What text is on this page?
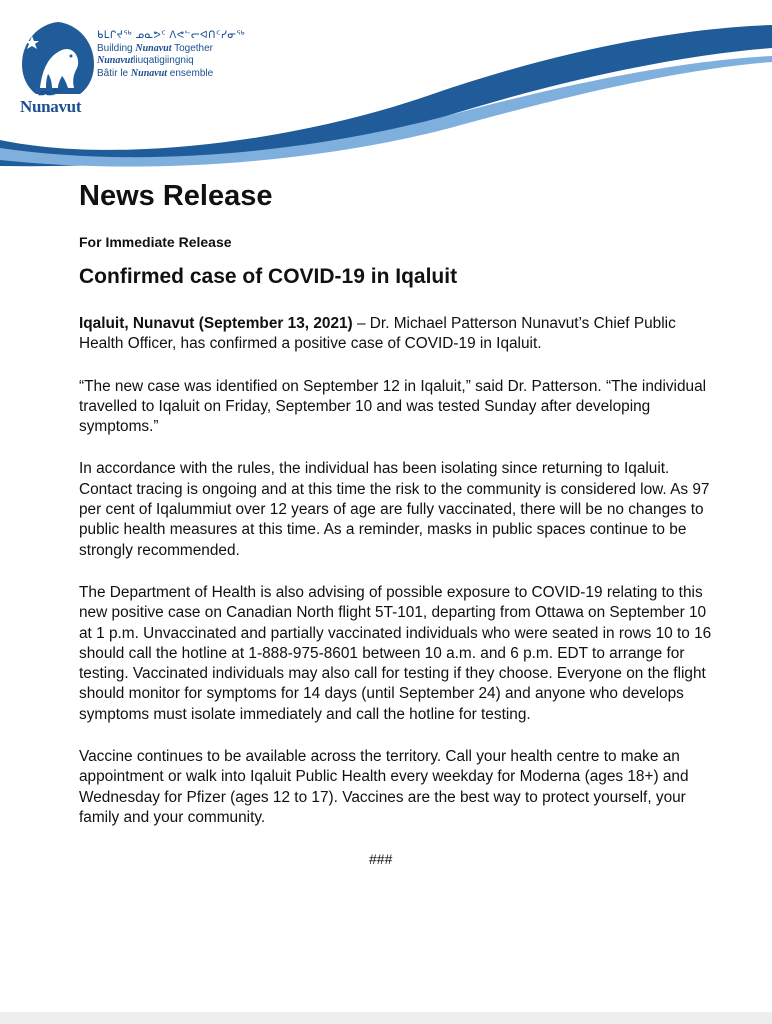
ᑲᒪᒋᔪᖅ ᓄᓇᕗᑦ ᐱᕙᓪᓕᐊᑎᑦᓯᓂᖅ
Building Nunavut Together
Nunavutliuqatigiingniq
Bâtir le Nunavut ensemble
ᓄᓇᕗᑦ
Nunavut
News Release
For Immediate Release
Confirmed case of COVID-19 in Iqaluit

Iqaluit, Nunavut (September 13, 2021) – Dr. Michael Patterson Nunavut’s Chief Public Health Officer, has confirmed a positive case of COVID-19 in Iqaluit.

“The new case was identified on September 12 in Iqaluit,” said Dr. Patterson. “The individual travelled to Iqaluit on Friday, September 10 and was tested Sunday after developing symptoms.”

In accordance with the rules, the individual has been isolating since returning to Iqaluit. Contact tracing is ongoing and at this time the risk to the community is considered low. As 97 per cent of Iqalummiut over 12 years of age are fully vaccinated, there will be no changes to public health measures at this time. As a reminder, masks in public spaces continue to be strongly recommended.

The Department of Health is also advising of possible exposure to COVID-19 relating to this new positive case on Canadian North flight 5T-101, departing from Ottawa on September 10 at 1 p.m. Unvaccinated and partially vaccinated individuals who were seated in rows 10 to 16 should call the hotline at 1-888-975-8601 between 10 a.m. and 6 p.m. EDT to arrange for testing. Vaccinated individuals may also call for testing if they choose. Everyone on the flight should monitor for symptoms for 14 days (until September 24) and anyone who develops symptoms must isolate immediately and call the hotline for testing.

Vaccine continues to be available across the territory. Call your health centre to make an appointment or walk into Iqaluit Public Health every weekday for Moderna (ages 18+) and Wednesday for Pfizer (ages 12 to 17). Vaccines are the best way to protect yourself, your family and your community.

###
